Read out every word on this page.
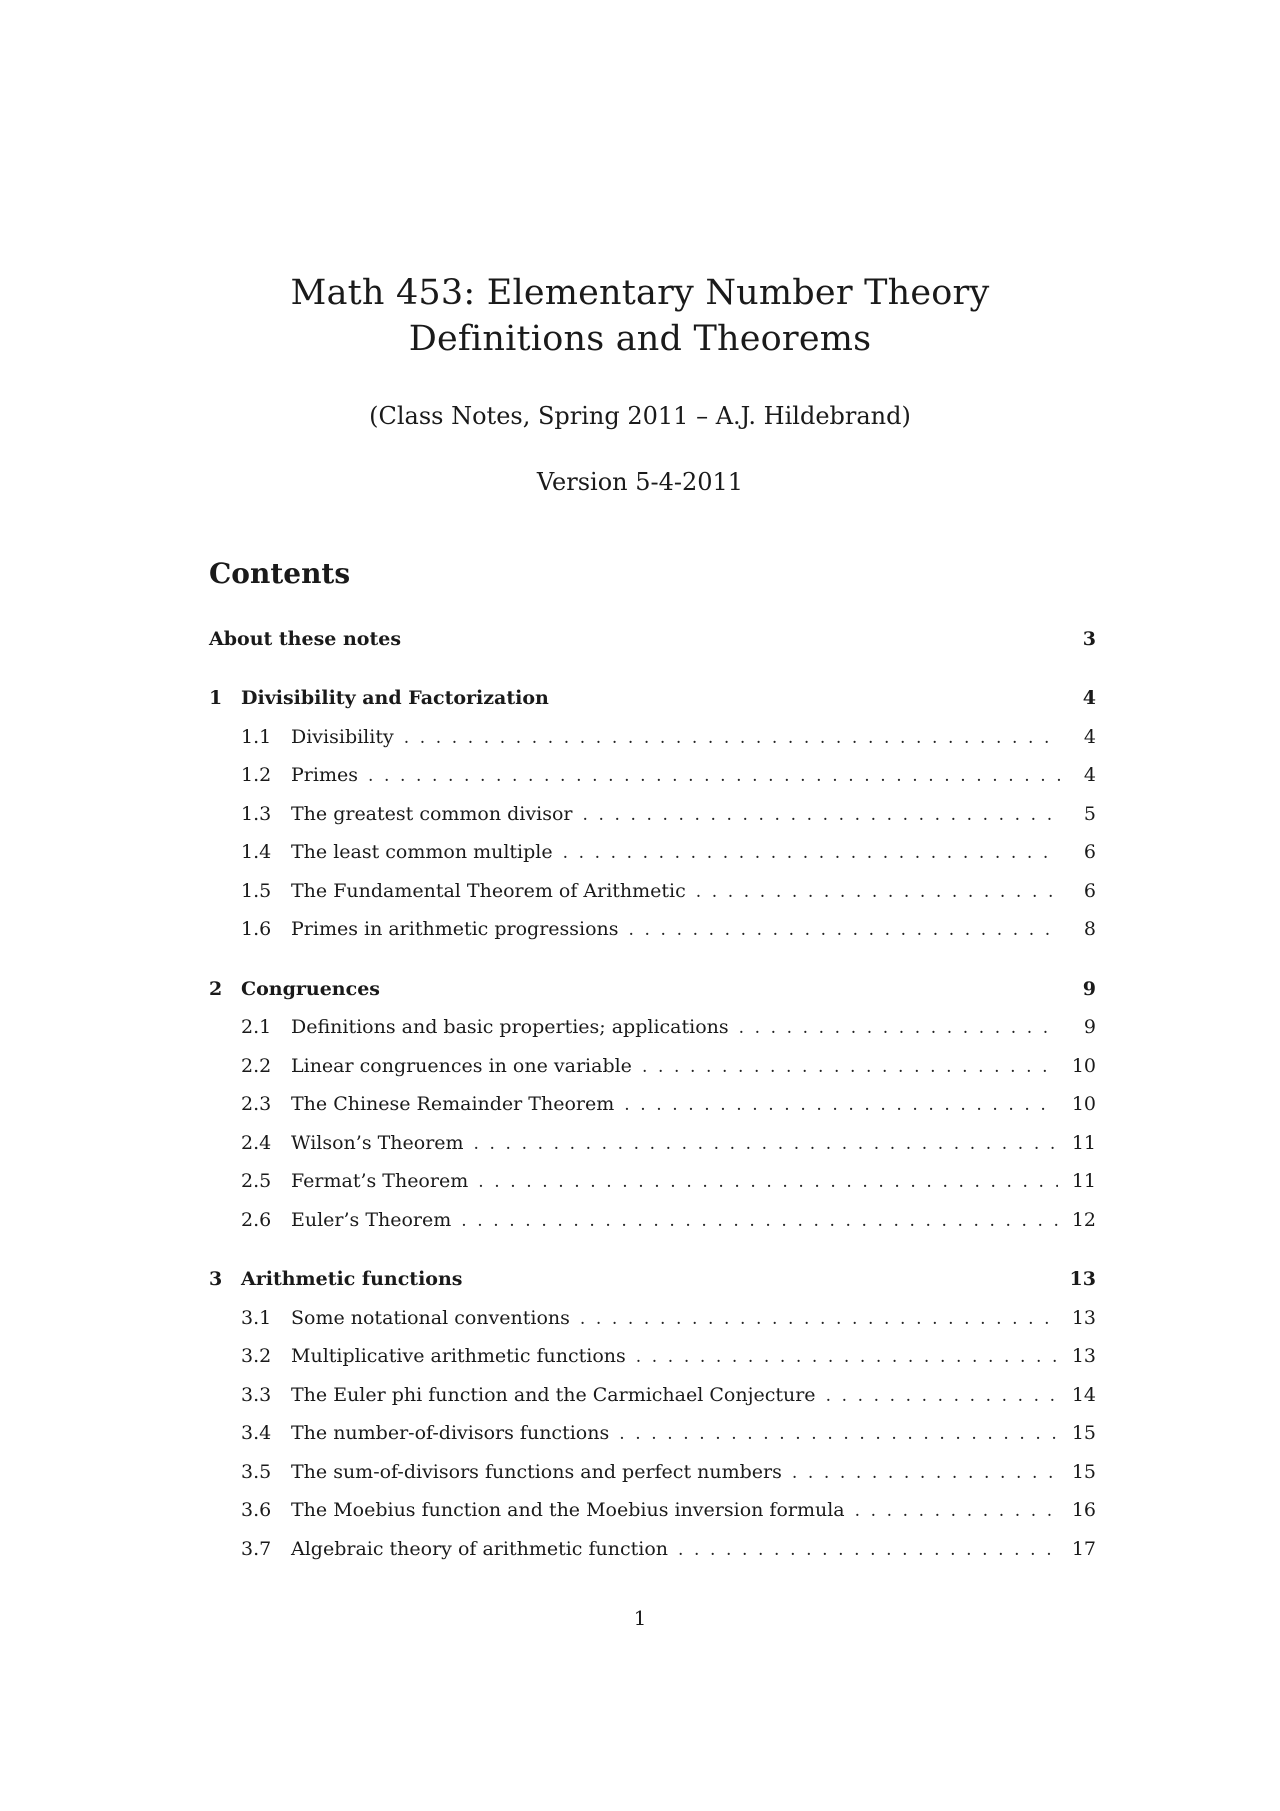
Math 453: Elementary Number Theory
Definitions and Theorems
(Class Notes, Spring 2011 – A.J. Hildebrand)
Version 5-4-2011
Contents
About these notes	3
1 Divisibility and Factorization	4
1.1	Divisibility . . .	4
1.2	Primes . . .	4
1.3	The greatest common divisor . . .	5
1.4	The least common multiple . . .	6
1.5	The Fundamental Theorem of Arithmetic . . .	6
1.6	Primes in arithmetic progressions . . .	8
2 Congruences	9
2.1	Definitions and basic properties; applications . . .	9
2.2	Linear congruences in one variable . . .	10
2.3	The Chinese Remainder Theorem . . .	10
2.4	Wilson’s Theorem . . .	11
2.5	Fermat’s Theorem . . .	11
2.6	Euler’s Theorem . . .	12
3 Arithmetic functions	13
3.1	Some notational conventions . . .	13
3.2	Multiplicative arithmetic functions . . .	13
3.3	The Euler phi function and the Carmichael Conjecture . . .	14
3.4	The number-of-divisors functions . . .	15
3.5	The sum-of-divisors functions and perfect numbers . . .	15
3.6	The Moebius function and the Moebius inversion formula . . .	16
3.7	Algebraic theory of arithmetic function . . .	17
1
